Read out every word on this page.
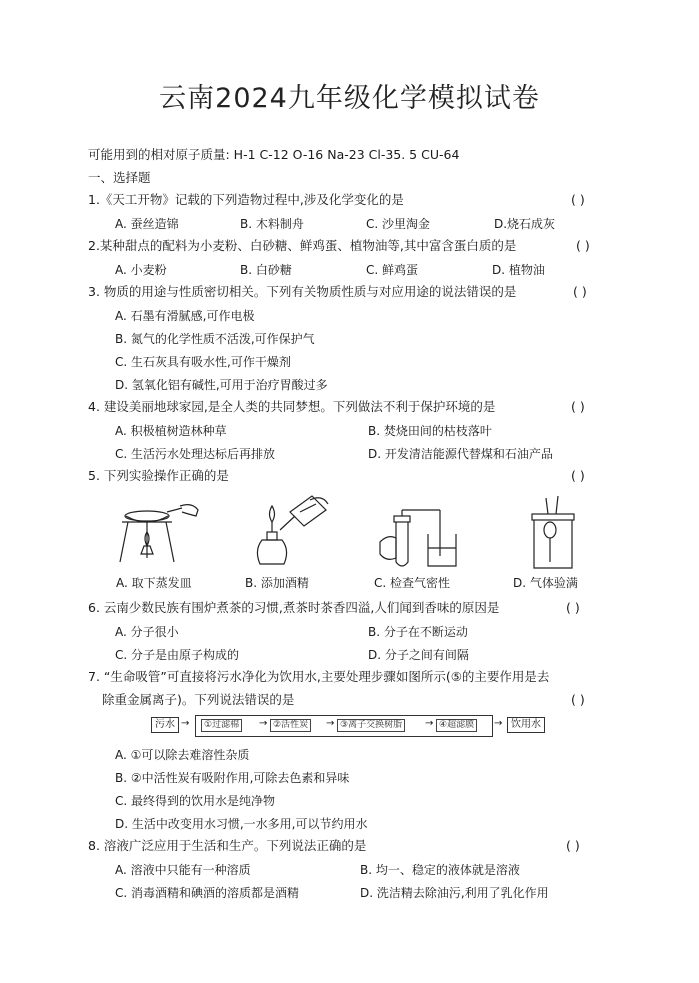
云南2024九年级化学模拟试卷
可能用到的相对原子质量: H-1 C-12 O-16 Na-23 Cl-35. 5 CU-64
一、选择题
1.《天工开物》记载的下列造物过程中,涉及化学变化的是	( )
A. 蚕丝造锦	B. 木料制舟	C. 沙里淘金	D.烧石成灰
2.某种甜点的配料为小麦粉、白砂糖、鲜鸡蛋、植物油等,其中富含蛋白质的是	( )
A. 小麦粉	B. 白砂糖	C. 鲜鸡蛋	D. 植物油
3. 物质的用途与性质密切相关。下列有关物质性质与对应用途的说法错误的是	( )
A. 石墨有滑腻感,可作电极
B. 氮气的化学性质不活泼,可作保护气
C. 生石灰具有吸水性,可作干燥剂
D. 氢氧化铝有碱性,可用于治疗胃酸过多
4. 建设美丽地球家园,是全人类的共同梦想。下列做法不利于保护环境的是	( )
A. 积极植树造林种草	B. 焚烧田间的枯枝落叶
C. 生活污水处理达标后再排放	D. 开发清洁能源代替煤和石油产品
5. 下列实验操作正确的是	( )
A. 取下蒸发皿	B. 添加酒精	C. 检查气密性	D. 气体验满
6. 云南少数民族有围炉煮茶的习惯,煮茶时茶香四溢,人们闻到香味的原因是	( )
A. 分子很小	B. 分子在不断运动
C. 分子是由原子构成的	D. 分子之间有间隔
7. “生命吸管”可直接将污水净化为饮用水,主要处理步骤如图所示(⑤的主要作用是去
除重金属离子)。下列说法错误的是	( )
污水 →	①过滤棉	→ ②活性炭	→ ③离子交换树脂	→ ④超滤膜	→ 饮用水
A. ①可以除去难溶性杂质
B. ②中活性炭有吸附作用,可除去色素和异味
C. 最终得到的饮用水是纯净物
D. 生活中改变用水习惯,一水多用,可以节约用水
8. 溶液广泛应用于生活和生产。下列说法正确的是	( )
A. 溶液中只能有一种溶质	B. 均一、稳定的液体就是溶液
C. 消毒酒精和碘酒的溶质都是酒精	D. 洗洁精去除油污,利用了乳化作用
